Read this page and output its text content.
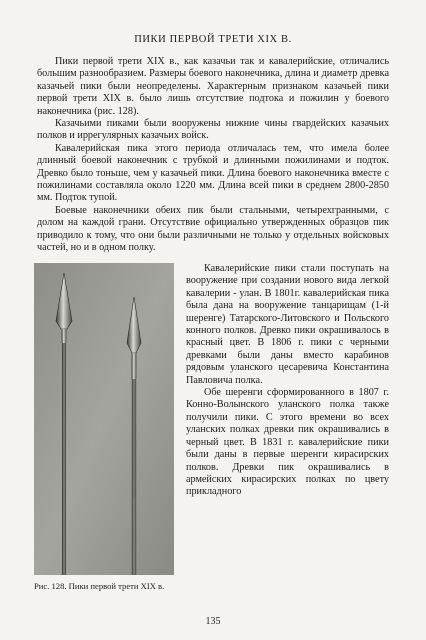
ПИКИ ПЕРВОЙ ТРЕТИ XIX В.

Пики первой трети XIX в., как казачьи так и кавалерийские, отличались большим разнообразием. Размеры боевого наконечника, длина и диаметр древка казачьей пики были неопределены. Характерным признаком казачьей пики первой трети XIX в. было лишь отсутствие подтока и пожилин у боевого наконечника (рис. 128).

Казачьими пиками были вооружены нижние чины гвардейских казачьих полков и иррегулярных казачьих войск.

Кавалерийская пика этого периода отличалась тем, что имела более длинный боевой наконечник с трубкой и длинными пожилинами и подток. Древко было тоньше, чем у казачьей пики. Длина боевого наконечника вместе с пожилинами составляла около 1220 мм. Длина всей пики в среднем 2800-2850 мм. Подток тупой.

Боевые наконечники обеих пик были стальными, четырехгранными, с долом на каждой грани. Отсутствие официально утвержденных образцов пик приводило к тому, что они были различными не только у отдельных войсковых частей, но и в одном полку.

Кавалерийские пики стали поступать на вооружение при создании нового вида легкой кавалерии - улан. В 1801г. кавалерийская пика была дана на вооружение танцарищам (1-й шеренге) Татарского-Литовского и Польского конного полков. Древко пики окрашивалось в красный цвет. В 1806 г. пики с черными древками были даны вместо карабинов рядовым уланского цесаревича Константина Павловича полка.

Обе шеренги сформированного в 1807 г. Конно-Волынского уланского полка также получили пики. С этого времени во всех уланских полках древки пик окрашивались в черный цвет. В 1831 г. кавалерийские пики были даны в первые шеренги кирасирских полков. Древки пик окрашивались в армейских кирасирских полках по цвету прикладного

Рис. 128. Пики первой трети XIX в.
135
